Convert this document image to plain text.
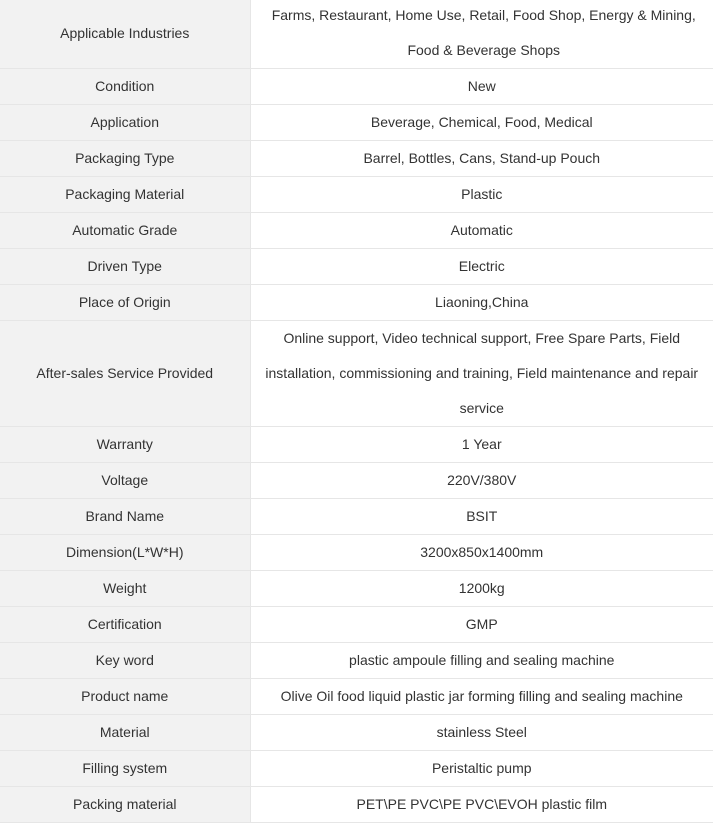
Applicable Industries	Farms, Restaurant, Home Use, Retail, Food Shop, Energy & Mining, Food & Beverage Shops
Condition	New
Application	Beverage, Chemical, Food, Medical
Packaging Type	Barrel, Bottles, Cans, Stand-up Pouch
Packaging Material	Plastic
Automatic Grade	Automatic
Driven Type	Electric
Place of Origin	Liaoning,China
After-sales Service Provided	Online support, Video technical support, Free Spare Parts, Field installation, commissioning and training, Field maintenance and repair service
Warranty	1 Year
Voltage	220V/380V
Brand Name	BSIT
Dimension(L*W*H)	3200x850x1400mm
Weight	1200kg
Certification	GMP
Key word	plastic ampoule filling and sealing machine
Product name	Olive Oil food liquid plastic jar forming filling and sealing machine
Material	stainless Steel
Filling system	Peristaltic pump
Packing material	PET\PE PVC\PE PVC\EVOH plastic film
